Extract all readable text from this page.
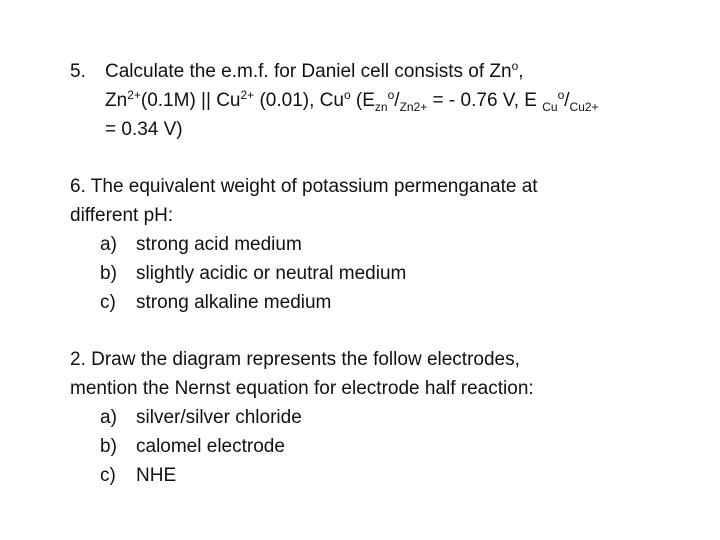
5. Calculate the e.m.f. for Daniel cell consists of Zn$^o$,
$Zn^{2+}(0.1M)$ || $Cu^{2+}$ (0.01), Cu$^o$ ($E_{zn}^o/_{Zn2+}$ = - 0.76 V, E $_{Cu}^o/_{Cu2+}$
= 0.34 V)
6. The equivalent weight of potassium permenganate at
different pH:
a)	strong acid medium
b)	slightly acidic or neutral medium
c)	strong alkaline medium
2. Draw the diagram represents the follow electrodes,
mention the Nernst equation for electrode half reaction:
a)	silver/silver chloride
b)	calomel electrode
c)	NHE
